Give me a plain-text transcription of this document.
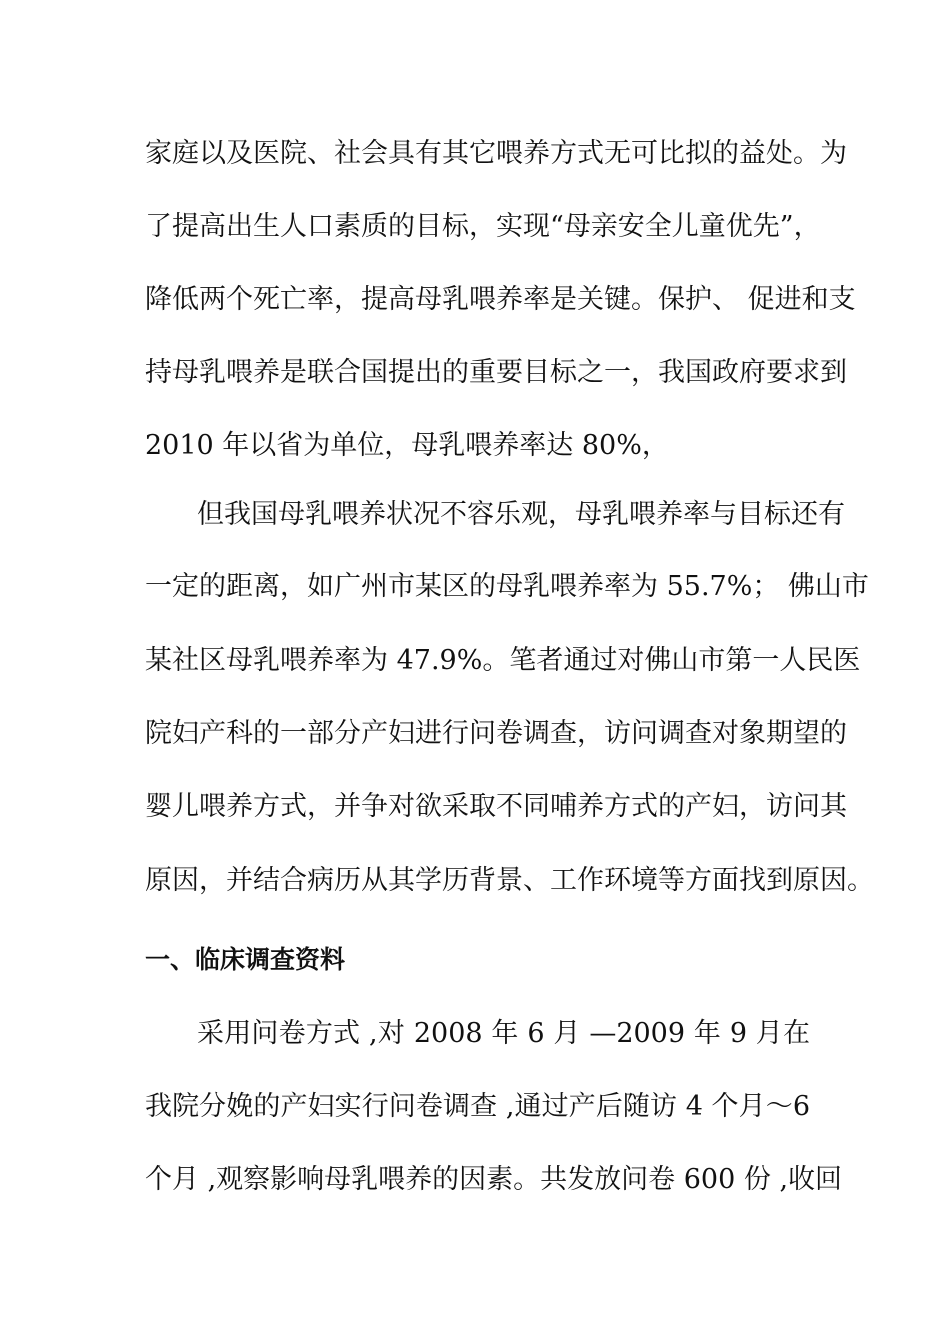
家庭以及医院、社会具有其它喂养方式无可比拟的益处。为
了提高出生人口素质的目标，实现“母亲安全儿童优先”，
降低两个死亡率，提高母乳喂养率是关键。保护、 促进和支
持母乳喂养是联合国提出的重要目标之一，我国政府要求到
2010 年以省为单位，母乳喂养率达 80%，
但我国母乳喂养状况不容乐观，母乳喂养率与目标还有
一定的距离，如广州市某区的母乳喂养率为 55.7%； 佛山市
某社区母乳喂养率为 47.9%。笔者通过对佛山市第一人民医
院妇产科的一部分产妇进行问卷调查，访问调查对象期望的
婴儿喂养方式，并争对欲采取不同哺养方式的产妇，访问其
原因，并结合病历从其学历背景、工作环境等方面找到原因。
一、临床调查资料
采用问卷方式 ,对 2008 年 6 月 —2009 年 9 月在
我院分娩的产妇实行问卷调查 ,通过产后随访 4 个月～6
个月 ,观察影响母乳喂养的因素。共发放问卷 600 份 ,收回
